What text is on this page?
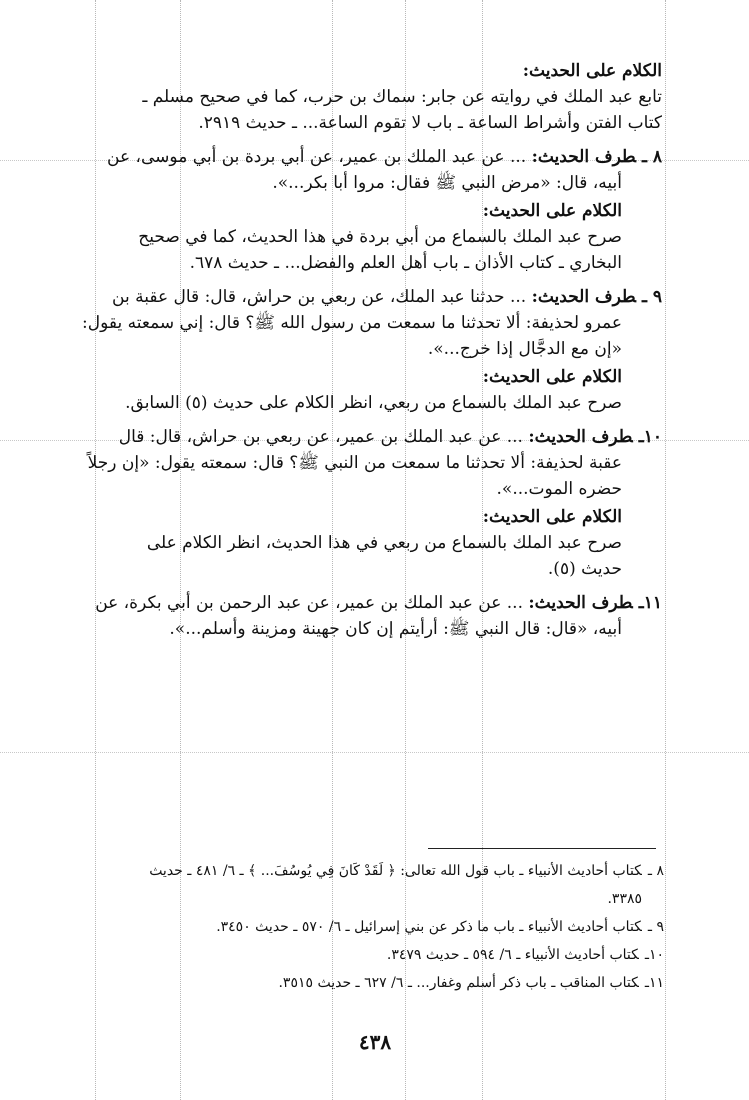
الكلام على الحديث:

تابع عبد الملك في روايته عن جابر: سماك بن حرب، كما في صحيح مسلم ـ

كتاب الفتن وأشراط الساعة ـ باب لا تقوم الساعة... ـ حديث ٢٩١٩.

٨ ـطرف الحديث: ... عن عبد الملك بن عمير، عن أبي بردة بن أبي موسى، عن

أبيه، قال: «مرض النبي ﷺ فقال: مروا أبا بكر...».

الكلام على الحديث:

صرح عبد الملك بالسماع من أبي بردة في هذا الحديث، كما في صحيح

البخاري ـ كتاب الأذان ـ باب أهل العلم والفضل... ـ حديث ٦٧٨.

٩ ـطرف الحديث: ... حدثنا عبد الملك، عن ربعي بن حراش، قال: قال عقبة بن

عمرو لحذيفة: ألا تحدثنا ما سمعت من رسول الله ﷺ؟ قال: إني سمعته يقول:

«إن مع الدجَّال إذا خرج...».

الكلام على الحديث:

صرح عبد الملك بالسماع من ربعي، انظر الكلام على حديث (٥) السابق.

١٠ـطرف الحديث: ... عن عبد الملك بن عمير، عن ربعي بن حراش، قال: قال

عقبة لحذيفة: ألا تحدثنا ما سمعت من النبي ﷺ؟ قال: سمعته يقول: «إن رجلاً

حضره الموت...».

الكلام على الحديث:

صرح عبد الملك بالسماع من ربعي في هذا الحديث، انظر الكلام على

حديث (٥).

١١ـطرف الحديث: ... عن عبد الملك بن عمير، عن عبد الرحمن بن أبي بكرة، عن

أبيه، «قال: قال النبي ﷺ: أرأيتم إن كان جهينة ومزينة وأسلم...».

٨ ـكتاب أحاديث الأنبياء ـ باب قول الله تعالى: ﴿ لَقَدْ كَانَ فِي يُوسُفَ... ﴾ ـ ٦/ ٤٨١ ـ حديث

٣٣٨٥.

٩ ـكتاب أحاديث الأنبياء ـ باب ما ذكر عن بني إسرائيل ـ ٦/ ٥٧٠ ـ حديث ٣٤٥٠.

١٠ـكتاب أحاديث الأنبياء ـ ٦/ ٥٩٤ ـ حديث ٣٤٧٩.

١١ـكتاب المناقب ـ باب ذكر أسلم وغفار... ـ ٦/ ٦٢٧ ـ حديث ٣٥١٥.

٤٣٨
